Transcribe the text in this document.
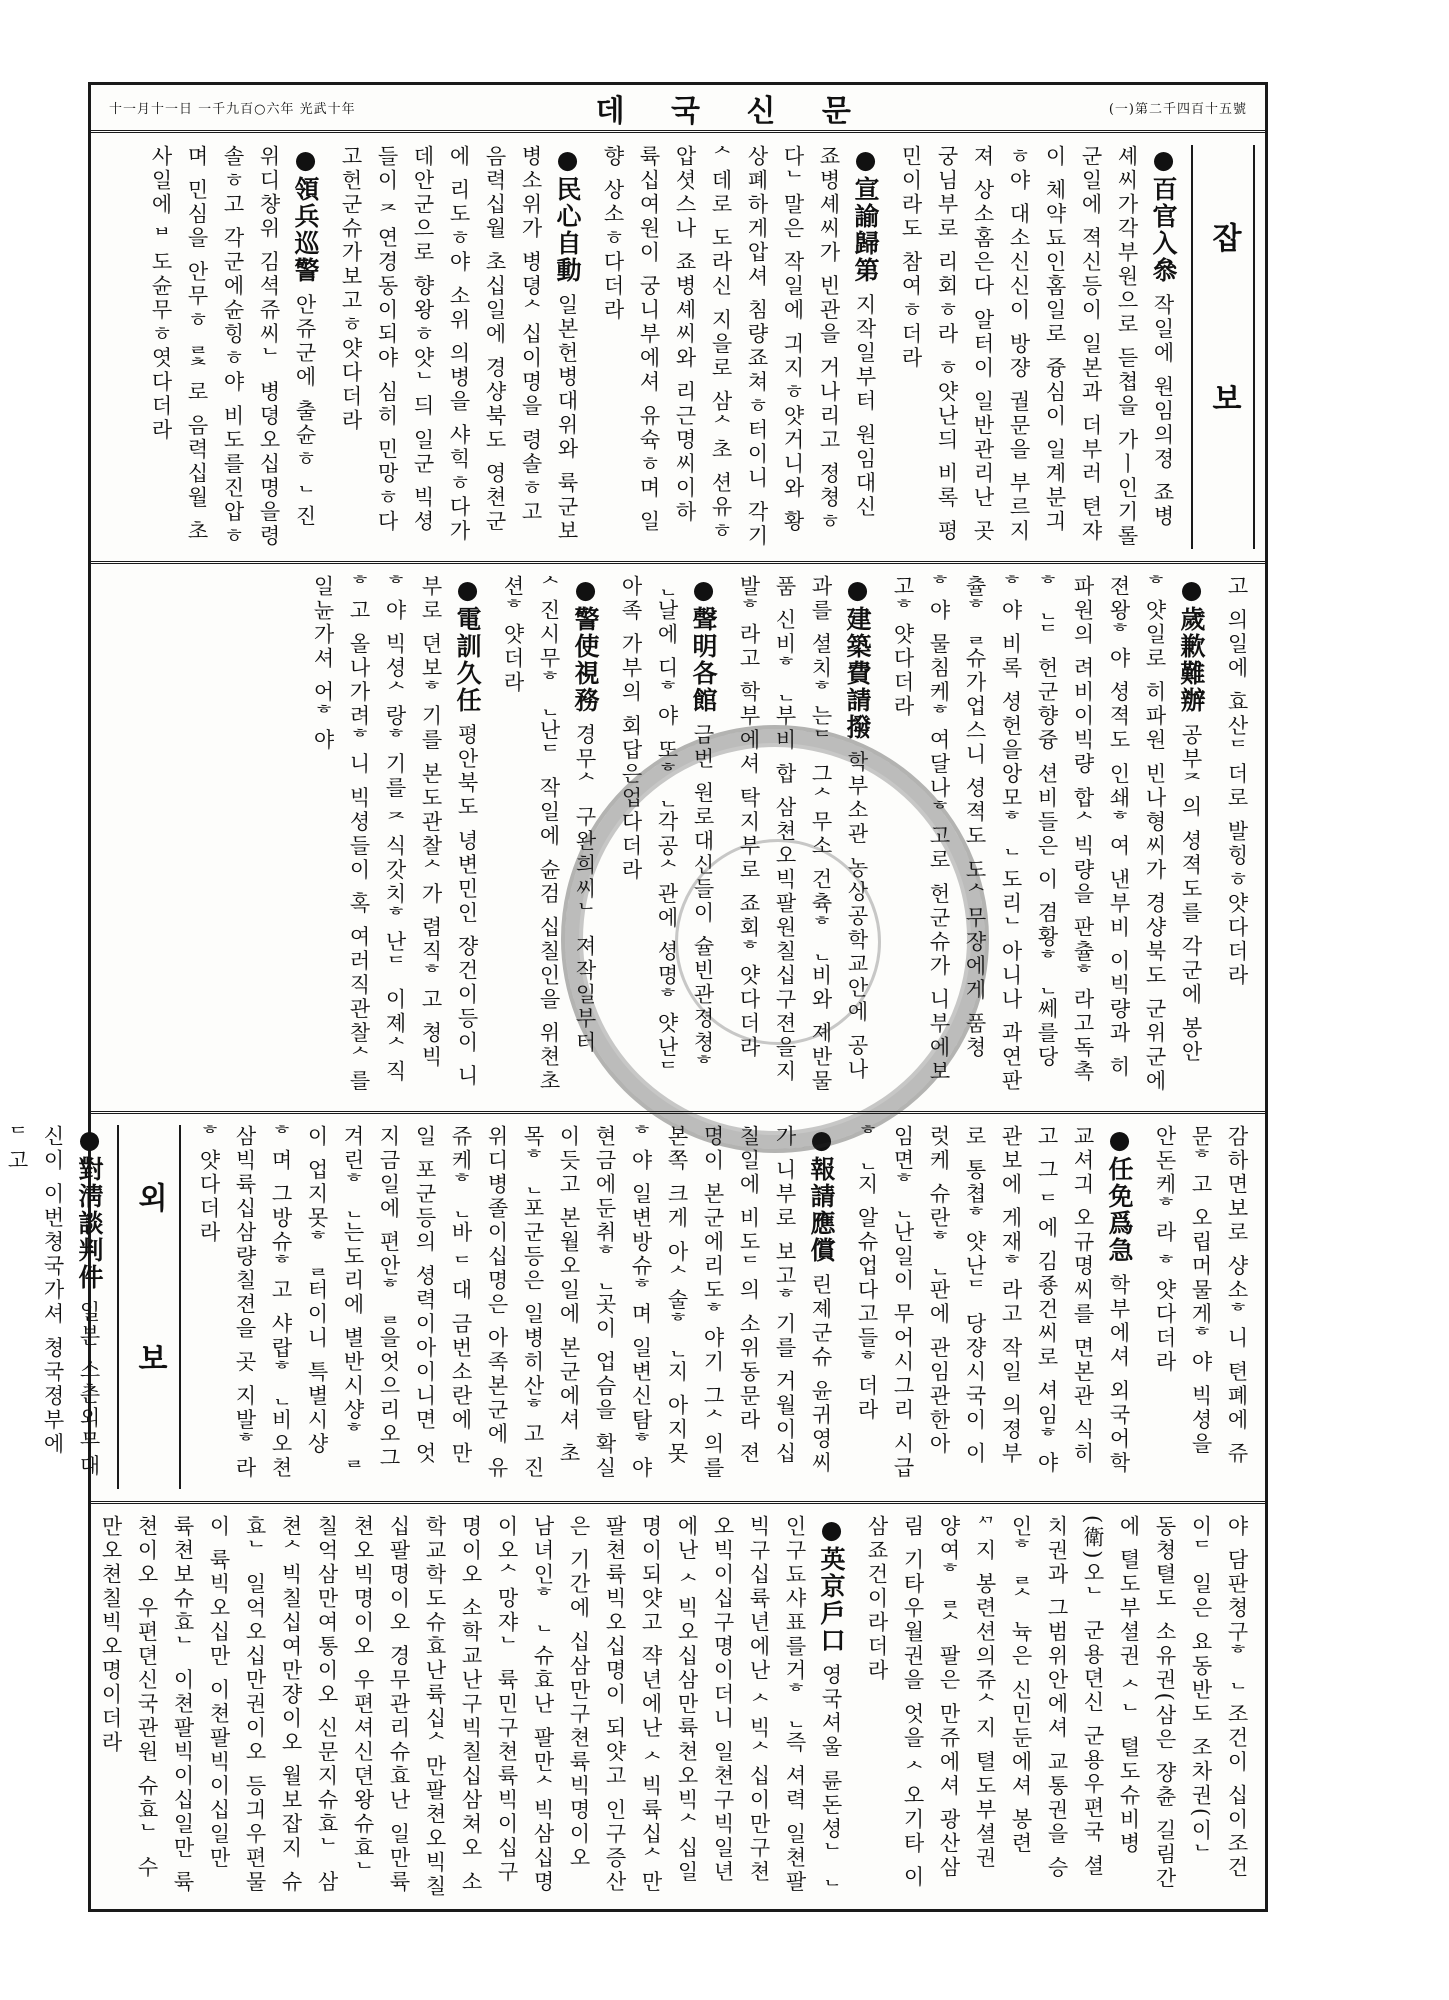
十一月十一日 一千九百○六年 光武十年	데 국 신 문	(一)第二千四百十五號
잡 보
●百官入叅 작일에 원임의졍 죠병셰씨가각부원으로 듣쳡을 가ㅣ인기롤 군일에 젹신등이 일본과 더부러 텬쟈이 체약됴인홈일로 즁심이 일계분긔ㅎ야 대소신신이 방쟝 궐문을 부르지져 상소홈은다 알터이 일반관리난 곳 궁님부로 리회ㅎ라 ㅎ얏난듸 비록 평민이라도 참여ㅎ더라
●宣諭歸第 지작일부터 원임대신 죠병셰씨가 빈관을 거나리고 졍쳥ㅎ다ᄂ말은 작일에 긔지ㅎ얏거니와 황상폐하게압셔 침량죠쳐ㅎ터이니 각기ᄉ데로 도라신 지을로 삼ᄉ초 션유ㅎ압셧스나 죠병셰씨와 리근명씨이하 륙십여원이 궁니부에셔 유슉ㅎ며 일향 상소ㅎ다더라
●民心自動 일본헌병대위와 륙군보병소위가 병뎡ᄉ십이명을 령솔ㅎ고 음력십월 초십일에 경샹북도 영쳔군에 리도ㅎ야 소위 의병을 샤힉ㅎ다가 데안군으로 향왕ㅎ얏ᄂ듸 일군 빅셩들이 ᄌ연경동이되야 심히 민망ㅎ다고헌군슈가보고ㅎ얏다더라
●領兵巡警 안쥬군에 출슌ㅎᆫ 진위디챵위 김셕쥬씨ᄂ 병뎡오십명을령솔ㅎ고 각군에슌힝ㅎ야 비도를진압ㅎ며 민심을 안무ㅎᆯᄎ로 음력십월 초사일에 ᄇ도슌무ㅎ엿다더라
고 의일에 효산ᄃ더로 발힝ㅎ얏다더라
●歲歉難辦 공부ᄌ의 셩젹도를 각군에 봉안ᄒ얏일로 히파원 빈나형씨가 경샹북도 군위군에 젼왕ᄒ야 셩젹도 인쇄ᄒ여 낸부비 이빅량과 히파원의 려비이빅량 합ᄉ빅량을 판츌ᄒ라고독촉ᄒᆫᄃ 헌군향즁 션비들은 이 겸황ᄒᆫ쎄를당ᄒ야 비록 셩헌을앙모ᄒᆫ 도리ᄂ아니나 과연판츌ᄒᆯ슈가업스니 셩젹도 도ᄉ무쟝에게 품쳥ᄒ야 물침케ᄒ여달나ᄒ고로 헌군슈가 니부에보고ᄒ얏다더라
●建築費請撥 학부소관 농상공학교안에 공나과를 셜치ᄒ는ᄃ 그ᄉ무소 건츅ᄒᆫ비와 졔반물품 신비ᄒᆫ부비 합 삼쳔오빅팔원칠십구젼을지발ᄒ라고 학부에셔 탁지부로 죠회ᄒ얏다더라
●聲明各館 금번 원로대신들이 슐빈관졍쳥ᄒᆫ날에 디ᄒ야 또ᄒᆫ각공ᄉ관에 셩명ᄒ얏난ᄃ 아족 가부의 회답은업다더라
●警使視務 경무ᄉ 구완희씨ᄂ 져작일부터 ᄉ진시무ᄒᆫ난ᄃ 작일에 슌검 십칠인을 위쳔초션ᄒ얏더라
●電訓久任 평안북도 녕변민인 쟝건이등이 니부로 뎐보ᄒ기를 본도관찰ᄉ가 렴직ᄒ고 쳥빅ᄒ야 빅셩ᄉ랑ᄒ기를 ᄌ식갓치ᄒ난ᄃ 이졔ᄉ직ᄒ고 올나가려ᄒ니 빅셩들이 혹 여러직관찰ᄉ를 일뉸가셔 어ᄒ야
감하면보로 샹소ᄒ니 텬폐에 쥬문ᄒ고 오립머물게ᄒ야 빅셩을 안돈케ᄒ라 ᄒ얏다더라
●任免爲急 학부에셔 외국어학교셔긔 오규명씨를 면본관 식히고 그 ᄃ에 김죵건씨로 셔임ᄒ야 관보에 게재ᄒ라고 작일 의졍부로 통쳡ᄒ얏난ᄃ 당쟝시국이 이럿케 슈란ᄒᆫ판에 관임관한아 임면ᄒᆫ난일이 무어시그리 시급ᄒᆫ지 알슈업다고들ᄒ더라
●報請應償 린졔군슈 윤귀영씨가 니부로 보고ᄒ기를 거월이십칠일에 비도ᄃ의 소위동문라 젼명이 본군에리도ᄒ야기 그ᄉ의를본쪽 크게 아ᄉ술ᄒᆫ지 아지못ᄒ야 일변방슈ᄒ며 일변신탐ᄒ야 현금에둔취ᄒᆫ곳이 업슴을 확실이듯고 본월오일에 본군에셔 초목ᄒᆫ포군등은 일병히산ᄒ고 진위디병졸이십명은 아족본군에 유쥬케ᄒᆫ바 ᄃ대 금번소란에 만일 포군등의 셩력이아이니면 엇지금일에 편안ᄒᆯ을엇으리오그겨린ᄒᆫ는도리에 별반시샹ᄒᆯ이 업지못ᄒᆯ터이니 특별시샹ᄒ며 그방슈ᄒ고 샤랍ᄒᆫ비오쳔삼빅륙십삼량칠젼을 곳 지발ᄒ라ᄒ얏다더라
외 보
●對淸談判件 일본 소촌외무대신이 이번쳥국가셔 쳥국졍부에 ᄃ고
야 담판쳥구ᄒᆫ 조건이 십이조건이ᄃ 일은 요동반도 조차권(이ᄂ 동쳥텰도 소유권(삼은 쟝츈 길림간에 텰도부셜권 ᄉᄂ 텰도슈비병(衛)오ᄂ 군용뎐신 군용우편국 셜치권과 그범위안에셔 교통권을 승인ᄒᆯᄉ 뉵은 신민둔에셔 봉련ᄭ지 봉련션의쥬ᄉ지 텰도부셜권 양여ᄒᆯᄉ 팔은 만쥬에셔 광산삼림 기타우월권을 엇을 ᄉ오기타 이삼죠건이라더라
●英京戶口 영국셔울 륜돈셩ᄂᆫ 인구됴샤표를거ᄒᆫ즉 셔력 일쳔팔빅구십륙년에난 ᄉ빅ᄉ십이만구쳔오빅이십구명이더니 일쳔구빅일년에난 ᄉ빅오십삼만륙쳔오빅ᄉ십일명이되얏고 쟉년에난 ᄉ빅륙십ᄉ만팔쳔륙빅오십명이 되얏고 인구증산은 기간에 십삼만구쳔륙빅명이오 남녀인ᄒᆫ 슈효난 팔만ᄉ빅삼십명이오ᄉ망쟈ᄂ 륙민구쳔륙빅이십구명이오 소학교난구빅칠십삼쳐오 소학교학도슈효난륙십ᄉ만팔쳔오빅칠십팔명이오 경무관리슈효난 일만륙쳔오빅명이오 우편셔신뎐왕슈효ᄂ 칠억삼만여통이오 신문지슈효ᄂ 삼쳔ᄉ빅칠십여만쟝이오 월보잡지 슈효ᄂ 일억오십만권이오 등긔우편물이 륙빅오십만 이쳔팔빅이십일만 륙쳔보슈효ᄂ 이쳔팔빅이십일만 륙쳔이오 우편뎐신국관원 슈효ᄂ 수만오쳔칠빅오명이더라
